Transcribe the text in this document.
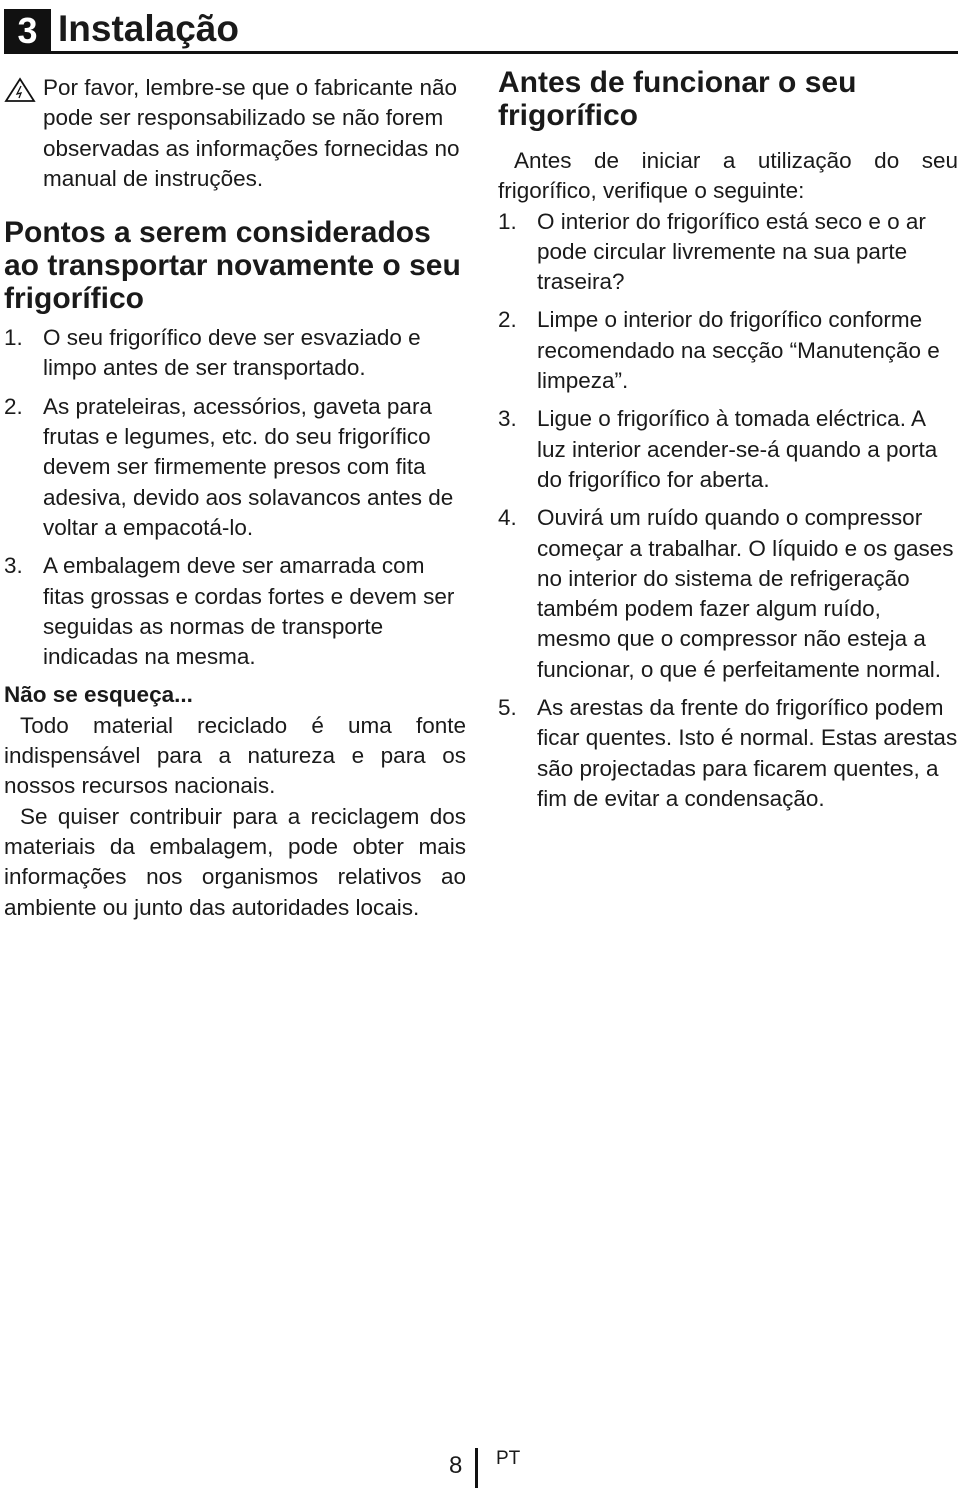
3 Instalação
Por favor, lembre-se que o fabricante não pode ser responsabilizado se não forem observadas as informações fornecidas no manual de instruções.
Pontos a serem considerados ao transportar novamente o seu frigorífico
1. O seu frigorífico deve ser esvaziado e limpo antes de ser transportado.
2. As prateleiras, acessórios, gaveta para frutas e legumes, etc. do seu frigorífico devem ser firmemente presos com fita adesiva, devido aos solavancos antes de voltar a empacotá-lo.
3. A embalagem deve ser amarrada com fitas grossas e cordas fortes e devem ser seguidas as normas de transporte indicadas na mesma.
Não se esqueça...
Todo material reciclado é uma fonte indispensável para a natureza e para os nossos recursos nacionais.
Se quiser contribuir para a reciclagem dos materiais da embalagem, pode obter mais informações nos organismos relativos ao ambiente ou junto das autoridades locais.
Antes de funcionar o seu frigorífico
Antes de iniciar a utilização do seu frigorífico, verifique o seguinte:
1. O interior do frigorífico está seco e o ar pode circular livremente na sua parte traseira?
2. Limpe o interior do frigorífico conforme recomendado na secção “Manutenção e limpeza”.
3. Ligue o frigorífico à tomada eléctrica. A luz interior acender-se-á quando a porta do frigorífico for aberta.
4. Ouvirá um ruído quando o compressor começar a trabalhar. O líquido e os gases no interior do sistema de refrigeração também podem fazer algum ruído, mesmo que o compressor não esteja a funcionar, o que é perfeitamente normal.
5. As arestas da frente do frigorífico podem ficar quentes. Isto é normal. Estas arestas são projectadas para ficarem quentes, a fim de evitar a condensação.
8 PT
